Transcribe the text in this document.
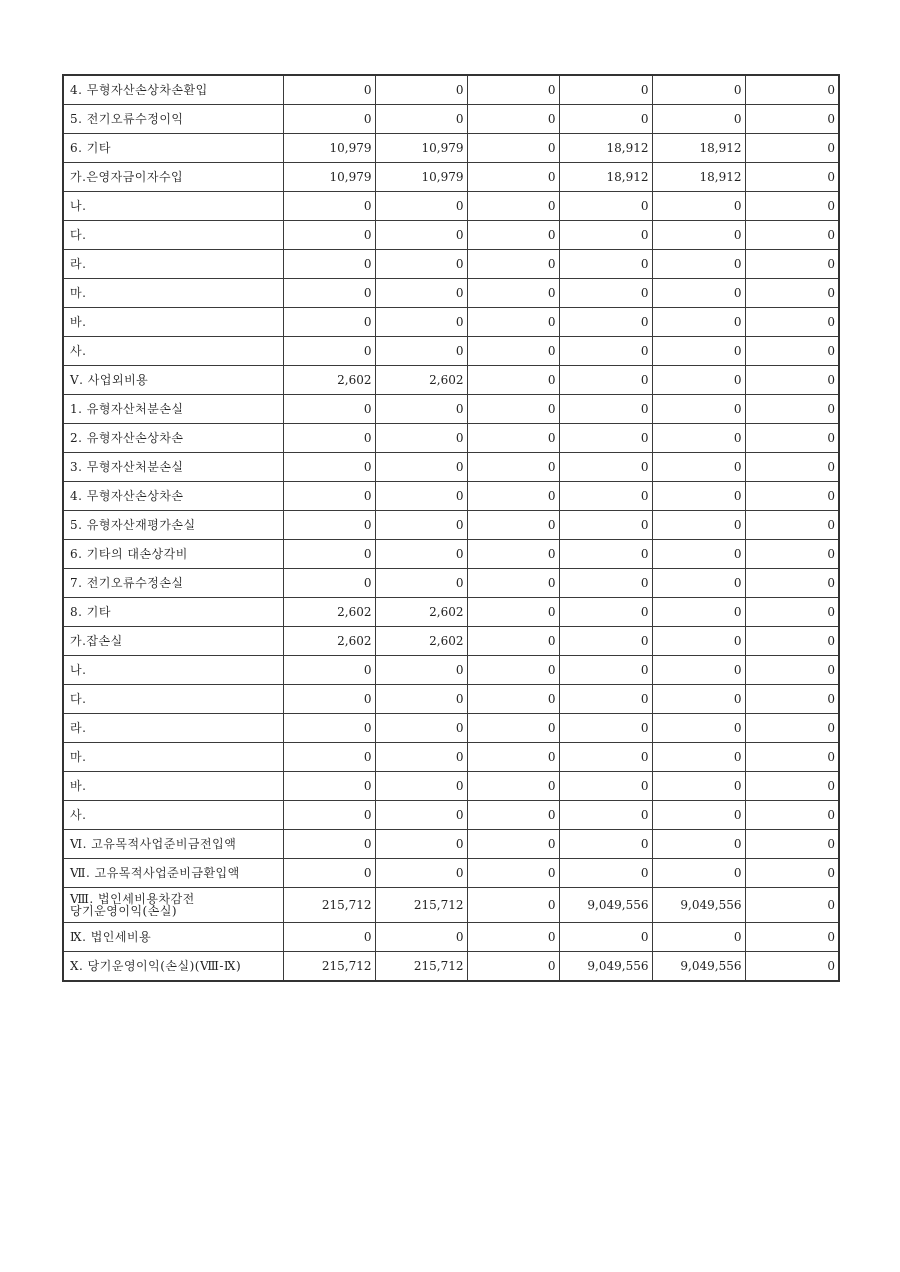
4. 무형자산손상차손환입	0	0	0	0	0	0
5. 전기오류수정이익	0	0	0	0	0	0
6. 기타	10,979	10,979	0	18,912	18,912	0
가.은영자금이자수입	10,979	10,979	0	18,912	18,912	0
나.	0	0	0	0	0	0
다.	0	0	0	0	0	0
라.	0	0	0	0	0	0
마.	0	0	0	0	0	0
바.	0	0	0	0	0	0
사.	0	0	0	0	0	0
Ⅴ. 사업외비용	2,602	2,602	0	0	0	0
1. 유형자산처분손실	0	0	0	0	0	0
2. 유형자산손상차손	0	0	0	0	0	0
3. 무형자산처분손실	0	0	0	0	0	0
4. 무형자산손상차손	0	0	0	0	0	0
5. 유형자산재평가손실	0	0	0	0	0	0
6. 기타의 대손상각비	0	0	0	0	0	0
7. 전기오류수정손실	0	0	0	0	0	0
8. 기타	2,602	2,602	0	0	0	0
가.잡손실	2,602	2,602	0	0	0	0
나.	0	0	0	0	0	0
다.	0	0	0	0	0	0
라.	0	0	0	0	0	0
마.	0	0	0	0	0	0
바.	0	0	0	0	0	0
사.	0	0	0	0	0	0
Ⅵ. 고유목적사업준비금전입액	0	0	0	0	0	0
Ⅶ. 고유목적사업준비금환입액	0	0	0	0	0	0

Ⅷ. 법인세비용차감전
당기운영이익(손실)	215,712	215,712	0	9,049,556	9,049,556	0
Ⅸ. 법인세비용	0	0	0	0	0	0
Ⅹ. 당기운영이익(손실)(Ⅷ-Ⅸ)	215,712	215,712	0	9,049,556	9,049,556	0
